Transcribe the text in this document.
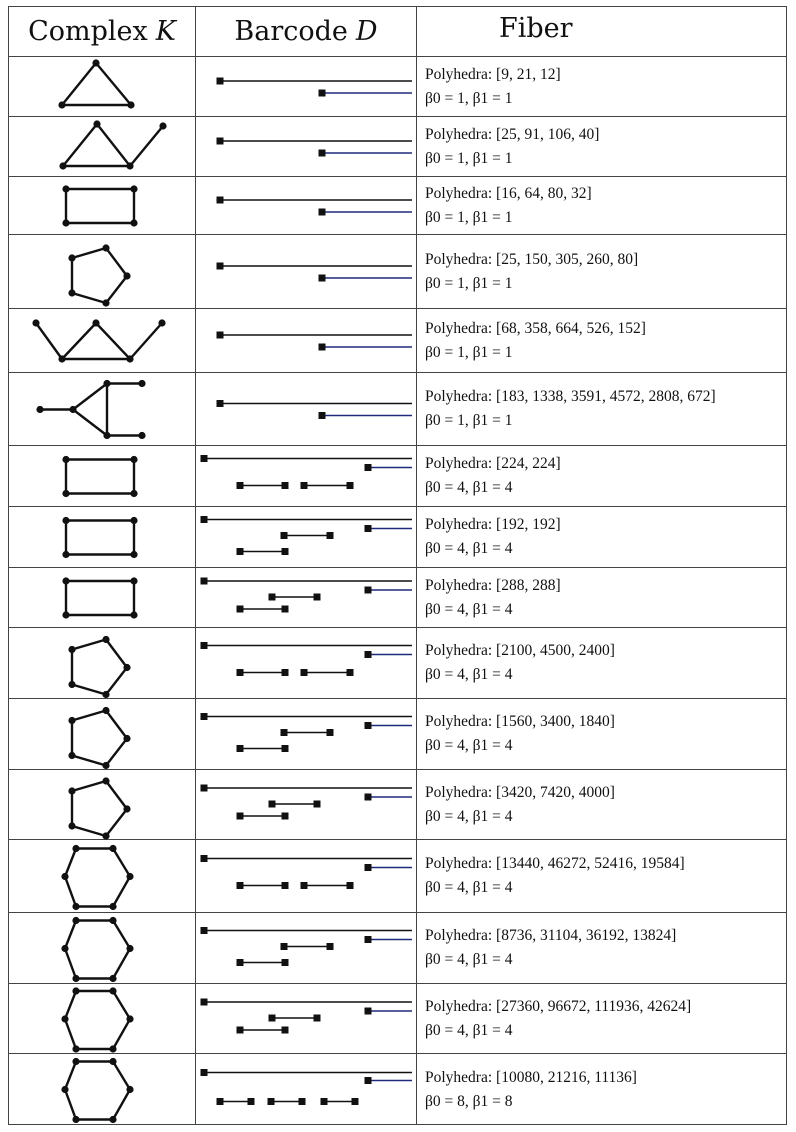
Complex K Barcode D	Fiber
Polyhedra: [9, 21, 12]
β0 = 1, β1 = 1
Polyhedra: [25, 91, 106, 40]
β0 = 1, β1 = 1
Polyhedra: [16, 64, 80, 32]
β0 = 1, β1 = 1
Polyhedra: [25, 150, 305, 260, 80]
β0 = 1, β1 = 1
Polyhedra: [68, 358, 664, 526, 152]
β0 = 1, β1 = 1
Polyhedra: [183, 1338, 3591, 4572, 2808, 672]
β0 = 1, β1 = 1
Polyhedra: [224, 224]
β0 = 4, β1 = 4
Polyhedra: [192, 192]
β0 = 4, β1 = 4
Polyhedra: [288, 288]
β0 = 4, β1 = 4
Polyhedra: [2100, 4500, 2400]
β0 = 4, β1 = 4
Polyhedra: [1560, 3400, 1840]
β0 = 4, β1 = 4
Polyhedra: [3420, 7420, 4000]
β0 = 4, β1 = 4
Polyhedra: [13440, 46272, 52416, 19584]
β0 = 4, β1 = 4
Polyhedra: [8736, 31104, 36192, 13824]
β0 = 4, β1 = 4
Polyhedra: [27360, 96672, 111936, 42624]
β0 = 4, β1 = 4
Polyhedra: [10080, 21216, 11136]
β0 = 8, β1 = 8
